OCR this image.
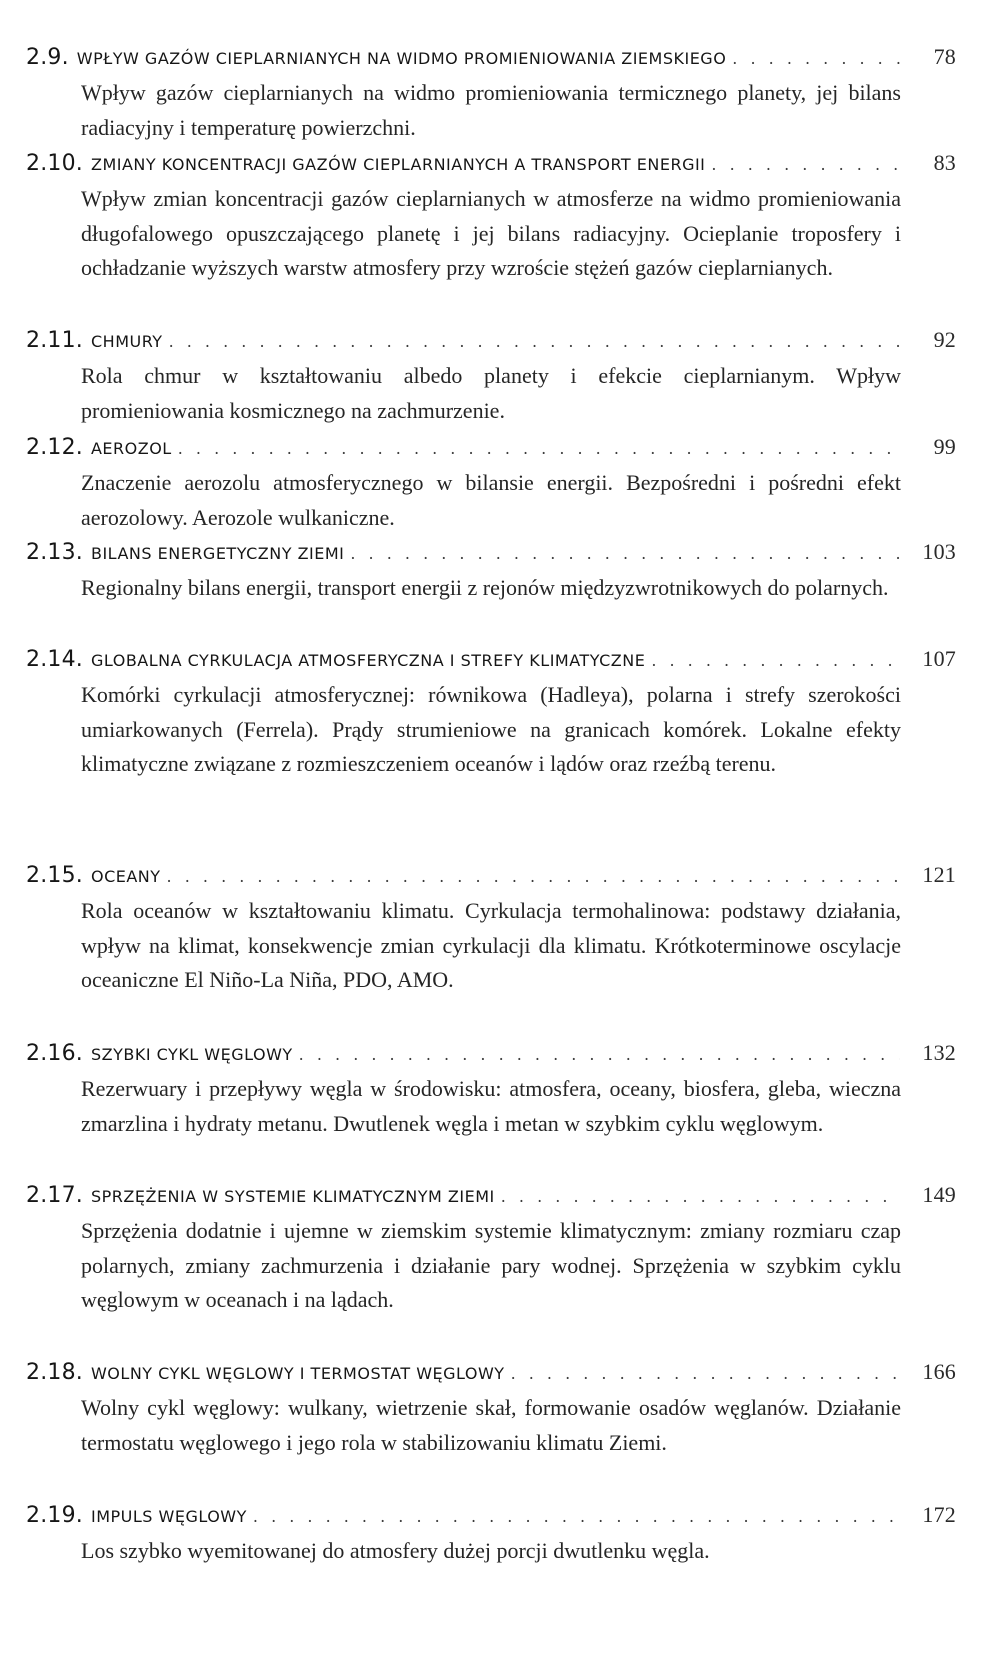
2.9. WPŁYW GAZÓW CIEPLARNIANYCH NA WIDMO PROMIENIOWANIA ZIEMSKIEGO . . .	78
Wpływ gazów cieplarnianych na widmo promieniowania termicznego planety, jej bilans radiacyjny i temperaturę powierzchni.
2.10. ZMIANY KONCENTRACJI GAZÓW CIEPLARNIANYCH A TRANSPORT ENERGII . . .	83
Wpływ zmian koncentracji gazów cieplarnianych w atmosferze na widmo promieniowania długofalowego opuszczającego planetę i jej bilans radiacyjny. Ocieplanie troposfery i ochładzanie wyższych warstw atmosfery przy wzroście stężeń gazów cieplarnianych.
2.11. CHMURY . . .	92
Rola chmur w kształtowaniu albedo planety i efekcie cieplarnianym. Wpływ promieniowania kosmicznego na zachmurzenie.
2.12. AEROZOL . . .	99
Znaczenie aerozolu atmosferycznego w bilansie energii. Bezpośredni i pośredni efekt aerozolowy. Aerozole wulkaniczne.
2.13. BILANS ENERGETYCZNY ZIEMI . . .	103
Regionalny bilans energii, transport energii z rejonów międzyzwrotnikowych do polarnych.
2.14. GLOBALNA CYRKULACJA ATMOSFERYCZNA I STREFY KLIMATYCZNE . . .	107
Komórki cyrkulacji atmosferycznej: równikowa (Hadleya), polarna i strefy szerokości umiarkowanych (Ferrela). Prądy strumieniowe na granicach komórek. Lokalne efekty klimatyczne związane z rozmieszczeniem oceanów i lądów oraz rzeźbą terenu.
2.15. OCEANY . . .	121
Rola oceanów w kształtowaniu klimatu. Cyrkulacja termohalinowa: podstawy działania, wpływ na klimat, konsekwencje zmian cyrkulacji dla klimatu. Krótkoterminowe oscylacje oceaniczne El Niño-La Niña, PDO, AMO.
2.16. SZYBKI CYKL WĘGLOWY . . .	132
Rezerwuary i przepływy węgla w środowisku: atmosfera, oceany, biosfera, gleba, wieczna zmarzlina i hydraty metanu. Dwutlenek węgla i metan w szybkim cyklu węglowym.
2.17. SPRZĘŻENIA W SYSTEMIE KLIMATYCZNYM ZIEMI . . .	149
Sprzężenia dodatnie i ujemne w ziemskim systemie klimatycznym: zmiany rozmiaru czap polarnych, zmiany zachmurzenia i działanie pary wodnej. Sprzężenia w szybkim cyklu węglowym w oceanach i na lądach.
2.18. WOLNY CYKL WĘGLOWY I TERMOSTAT WĘGLOWY . . .	166
Wolny cykl węglowy: wulkany, wietrzenie skał, formowanie osadów węglanów. Działanie termostatu węglowego i jego rola w stabilizowaniu klimatu Ziemi.
2.19. IMPULS WĘGLOWY . . .	172
Los szybko wyemitowanej do atmosfery dużej porcji dwutlenku węgla.
